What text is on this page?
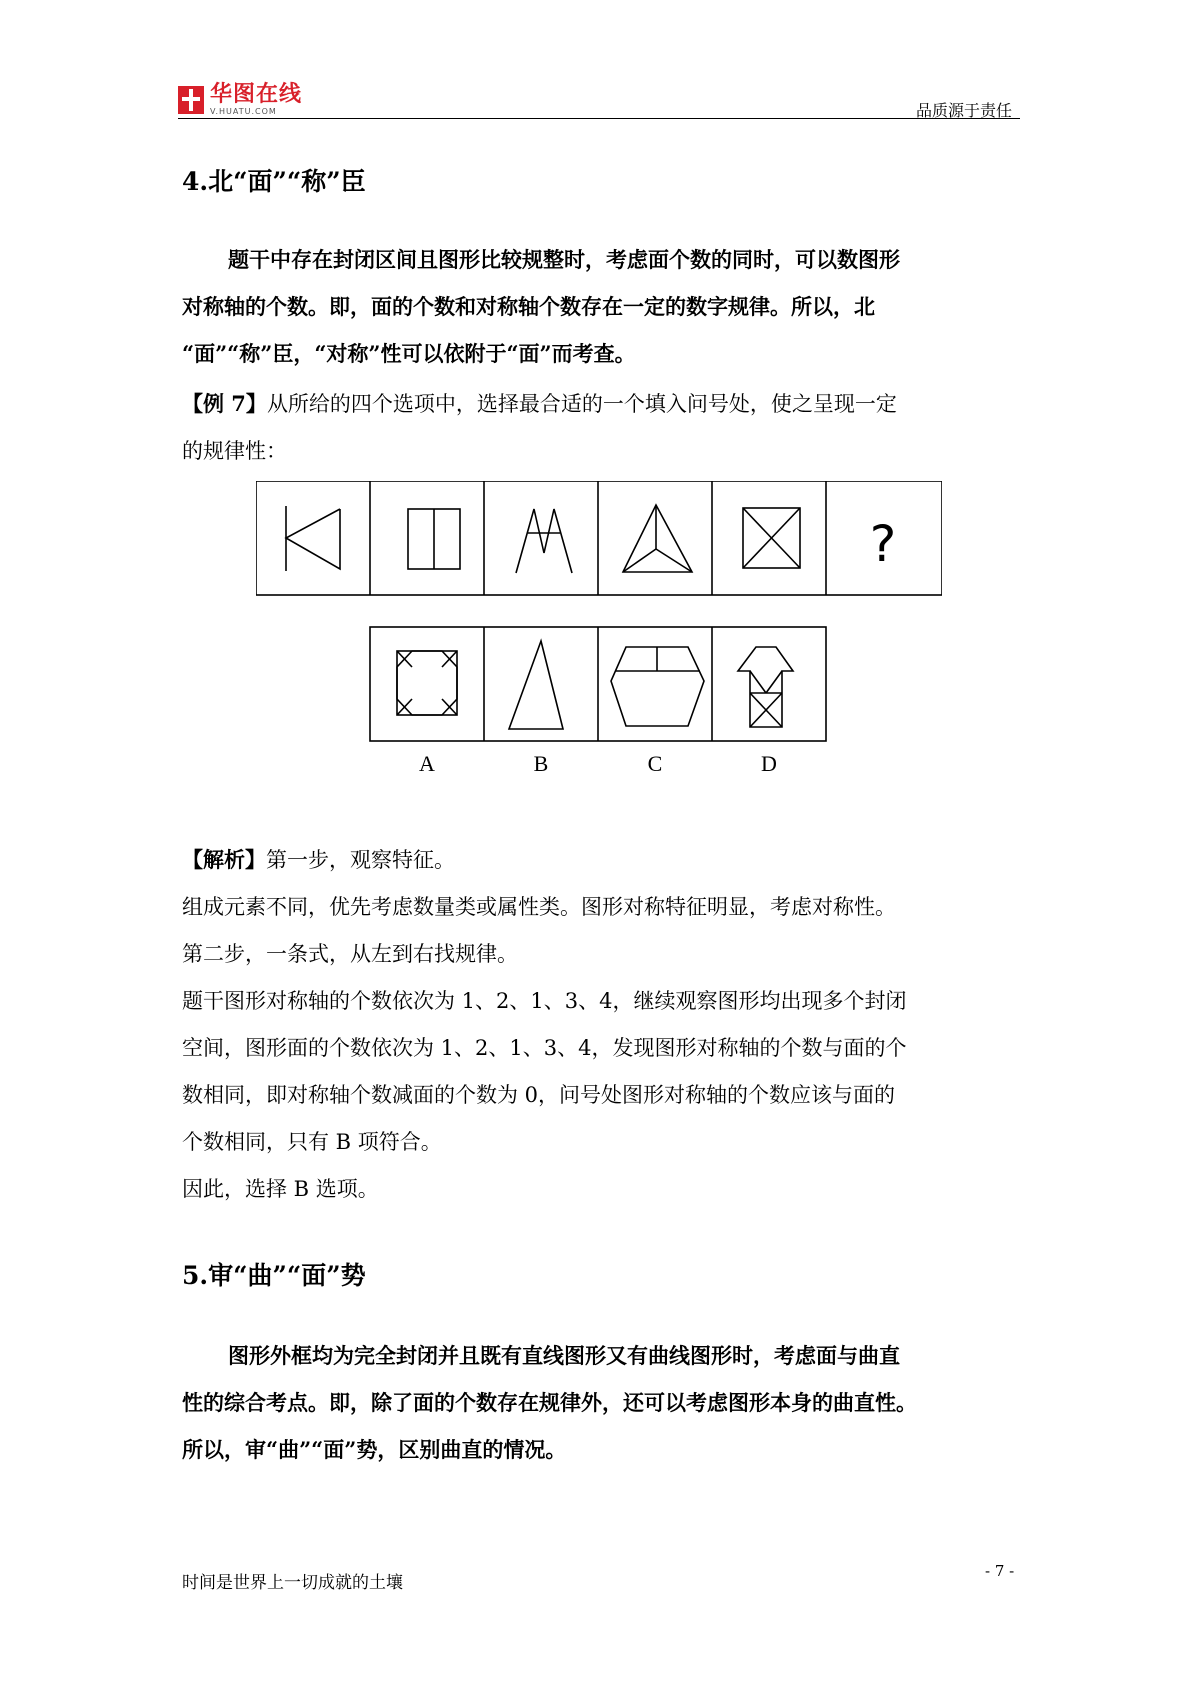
华图在线
V.HUATU.COM	品质源于责任
4.北“面”“称”臣
题干中存在封闭区间且图形比较规整时，考虑面个数的同时，可以数图形
对称轴的个数。即，面的个数和对称轴个数存在一定的数字规律。所以，北
“面”“称”臣，“对称”性可以依附于“面”而考查。
【例 7】从所给的四个选项中，选择最合适的一个填入问号处，使之呈现一定
的规律性：
?
A	B	C	D
【解析】第一步，观察特征。
组成元素不同，优先考虑数量类或属性类。图形对称特征明显，考虑对称性。
第二步，一条式，从左到右找规律。
题干图形对称轴的个数依次为 1、2、1、3、4，继续观察图形均出现多个封闭
空间，图形面的个数依次为 1、2、1、3、4，发现图形对称轴的个数与面的个
数相同，即对称轴个数减面的个数为 0，问号处图形对称轴的个数应该与面的
个数相同，只有 B 项符合。
因此，选择 B 选项。
5.审“曲”“面”势
图形外框均为完全封闭并且既有直线图形又有曲线图形时，考虑面与曲直
性的综合考点。即，除了面的个数存在规律外，还可以考虑图形本身的曲直性。
所以，审“曲”“面”势，区别曲直的情况。
时间是世界上一切成就的土壤
- 7 -
